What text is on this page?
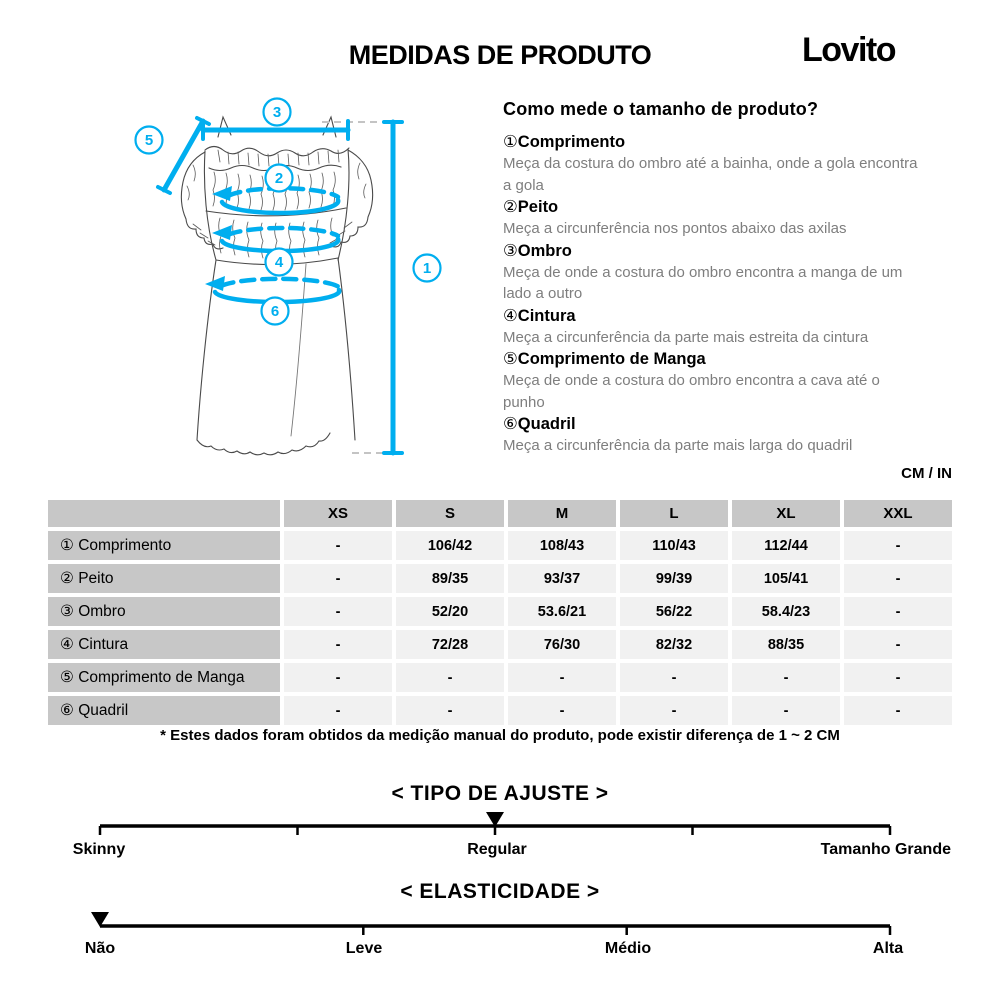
MEDIDAS DE PRODUTO	Lovito
1
2
3
4
5
6
Como mede o tamanho de produto?
①Comprimento

Meça da costura do ombro até a bainha, onde a gola encontra a gola

②Peito

Meça a circunferência nos pontos abaixo das axilas

③Ombro

Meça de onde a costura do ombro encontra a manga de um lado a outro

④Cintura

Meça a circunferência da parte mais estreita da cintura

⑤Comprimento de Manga

Meça de onde a costura do ombro encontra a cava até o punho

⑥Quadril

Meça a circunferência da parte mais larga do quadril

CM / IN
	XS	S	M	L	XL	XXL
① Comprimento	-	106/42	108/43	110/43	112/44	-
② Peito	-	89/35	93/37	99/39	105/41	-
③ Ombro	-	52/20	53.6/21	56/22	58.4/23	-
④ Cintura	-	72/28	76/30	82/32	88/35	-
⑤ Comprimento de Manga	-	-	-	-	-	-
⑥ Quadril	-	-	-	-	-	-
* Estes dados foram obtidos da medição manual do produto, pode existir diferença de 1 ~ 2 CM
< TIPO DE AJUSTE >
Skinny	Regular	Tamanho Grande
< ELASTICIDADE >
Não	Leve	Médio	Alta
